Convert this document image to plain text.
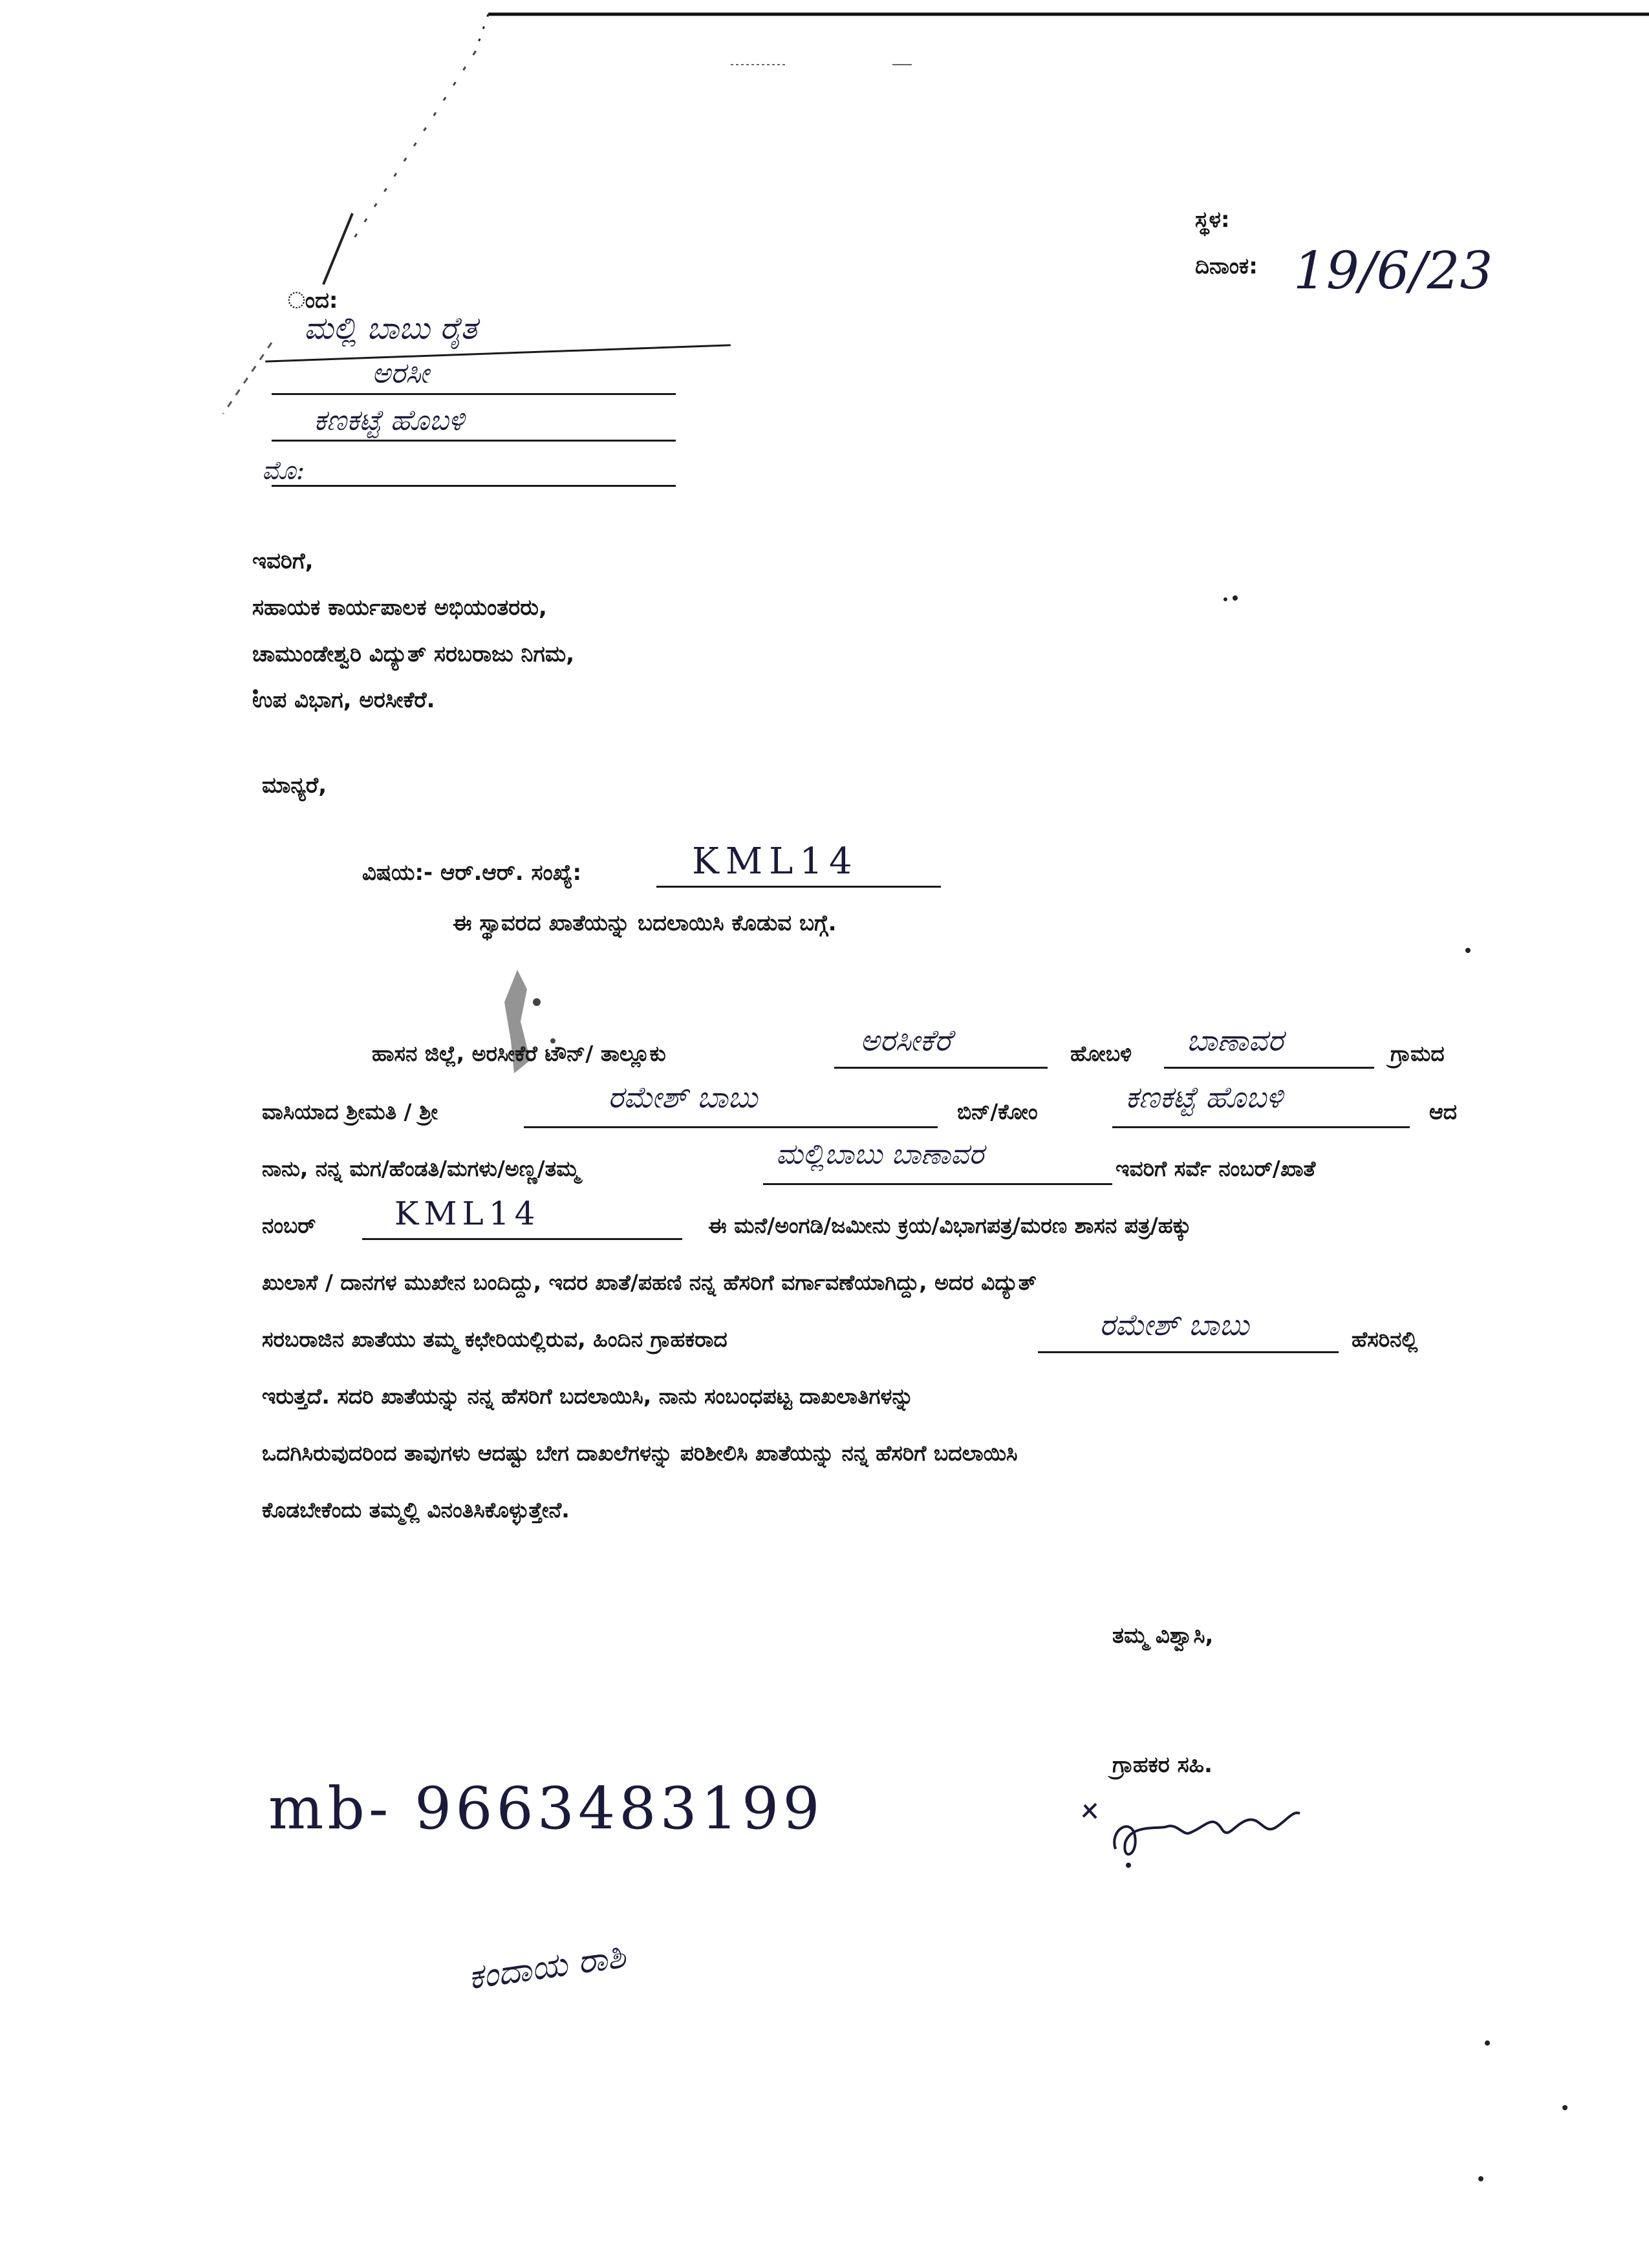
ಸ್ಥಳ:
ದಿನಾಂಕ: 19/6/23
ಂದ:
ಮಲ್ಲಿ ಬಾಬು ರೈತ
ಅರಸೀ
ಕಣಕಟ್ಟೆ ಹೊಬಳಿ
ಮೊ:
ಇವರಿಗೆ,
ಸಹಾಯಕ ಕಾರ್ಯಪಾಲಕ ಅಭಿಯಂತರರು,
ಚಾಮುಂಡೇಶ್ವರಿ ವಿದ್ಯುತ್ ಸರಬರಾಜು ನಿಗಮ,
ಉಪ ವಿಭಾಗ, ಅರಸೀಕೆರೆ.
ಮಾನ್ಯರೆ,
ವಿಷಯ:- ಆರ್.ಆರ್. ಸಂಖ್ಯೆ:	KML14
ಈ ಸ್ಥಾವರದ ಖಾತೆಯನ್ನು ಬದಲಾಯಿಸಿ ಕೊಡುವ ಬಗ್ಗೆ.
ಹಾಸನ ಜಿಲ್ಲೆ, ಅರಸೀಕೆರೆ ಟೌನ್/ ತಾಲ್ಲೂಕು	ಅರಸೀಕೆರೆ	ಹೋಬಳಿ ಬಾಣಾವರ	ಗ್ರಾಮದ
ವಾಸಿಯಾದ ಶ್ರೀಮತಿ / ಶ್ರೀ	ರಮೇಶ್ ಬಾಬು	ಬಿನ್/ಕೋಂ	ಕಣಕಟ್ಟೆ ಹೊಬಳಿ	ಆದ
ನಾನು, ನನ್ನ ಮಗ/ಹೆಂಡತಿ/ಮಗಳು/ಅಣ್ಣ/ತಮ್ಮ	ಮಲ್ಲಿಬಾಬು ಬಾಣಾವರ	ಇವರಿಗೆ ಸರ್ವೆ ನಂಬರ್/ಖಾತೆ
ನಂಬರ್ KML14	ಈ ಮನೆ/ಅಂಗಡಿ/ಜಮೀನು ಕ್ರಯ/ವಿಭಾಗಪತ್ರ/ಮರಣ ಶಾಸನ ಪತ್ರ/ಹಕ್ಕು
ಖುಲಾಸೆ / ದಾನಗಳ ಮುಖೇನ ಬಂದಿದ್ದು, ಇದರ ಖಾತೆ/ಪಹಣಿ ನನ್ನ ಹೆಸರಿಗೆ ವರ್ಗಾವಣೆಯಾಗಿದ್ದು, ಅದರ ವಿದ್ಯುತ್
ಸರಬರಾಜಿನ ಖಾತೆಯು ತಮ್ಮ ಕಛೇರಿಯಲ್ಲಿರುವ, ಹಿಂದಿನ ಗ್ರಾಹಕರಾದ	ರಮೇಶ್ ಬಾಬು	ಹೆಸರಿನಲ್ಲಿ
ಇರುತ್ತದೆ. ಸದರಿ ಖಾತೆಯನ್ನು ನನ್ನ ಹೆಸರಿಗೆ ಬದಲಾಯಿಸಿ, ನಾನು ಸಂಬಂಧಪಟ್ಟ ದಾಖಲಾತಿಗಳನ್ನು
ಒದಗಿಸಿರುವುದರಿಂದ ತಾವುಗಳು ಆದಷ್ಟು ಬೇಗ ದಾಖಲೆಗಳನ್ನು ಪರಿಶೀಲಿಸಿ ಖಾತೆಯನ್ನು ನನ್ನ ಹೆಸರಿಗೆ ಬದಲಾಯಿಸಿ
ಕೊಡಬೇಕೆಂದು ತಮ್ಮಲ್ಲಿ ವಿನಂತಿಸಿಕೊಳ್ಳುತ್ತೇನೆ.
ತಮ್ಮ ವಿಶ್ವಾಸಿ,
ಗ್ರಾಹಕರ ಸಹಿ.
mb- 9663483199
ಕಂದಾಯ ರಾಶಿ
